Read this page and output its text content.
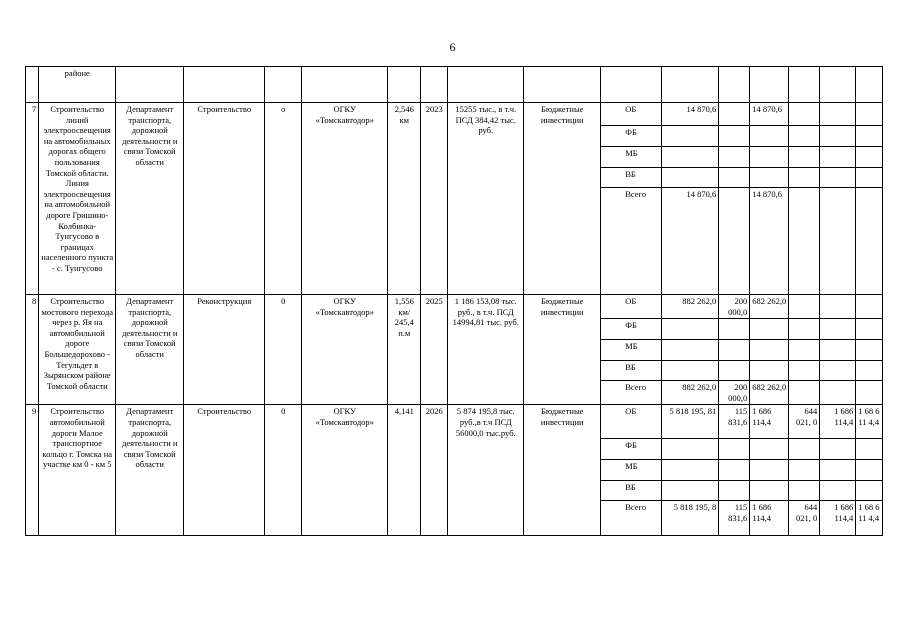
6
	районе															
7	Строительство линий электроосвещения на автомобильных дорогах общего пользования Томской области. Линия электроосвещения на автомобильной дороге Гришино-Колбинка-Тунгусово в границах населенного пункта - с. Тунгусово	Департамент транспорта, дорожной деятельности и связи Томской области	Строительство	о	ОГКУ «Томскавтодор»	2,546 км	2023	15255 тыс., в т.ч. ПСД 384,42 тыс. руб.	Бюджетные инвестиции	ОБ	14 870,6		14 870,6			
										ФБ						
										МБ						
										ВБ						
										Всего	14 870,6		14 870,6			
8	Строительство мостового перехода через р. Яя на автомобильной дороге Большедорохово - Тегульдет в Зырянском районе Томской области	Департамент транспорта, дорожной деятельности и связи Томской области	Реконструкция	0	ОГКУ «Томскавтодор»	1,556 км/ 245,4 п.м	2025	1 186 153,08 тыс. руб., в т.ч. ПСД 14994,81 тыс. руб.	Бюджетные инвестиции	ОБ	882 262,0	200 000,0	682 262,0			
										ФБ						
										МБ						
										ВБ						
										Всего	882 262,0	200 000,0	682 262,0			
9	Строительство автомобильной дороги Малое транспортное кольцо г. Томска на участке км 0 - км 5	Департамент транспорта, дорожной деятельности и связи Томской области	Строительство	0	ОГКУ «Томскавтодор»	4,141	2026	5 874 195,8 тыс. руб.,в т.ч ПСД 56000,0 тыс.руб.	Бюджетные инвестиции	ОБ	5 818 195, 81	115 831,6	1 686 114,4	644 021, 0	1 686 114,4	1 68 6 11 4,4
										ФБ						
										МБ						
										ВБ						
										Всего	5 818 195, 8	115 831,6	1 686 114,4	644 021, 0	1 686 114,4	1 68 6 11 4,4
